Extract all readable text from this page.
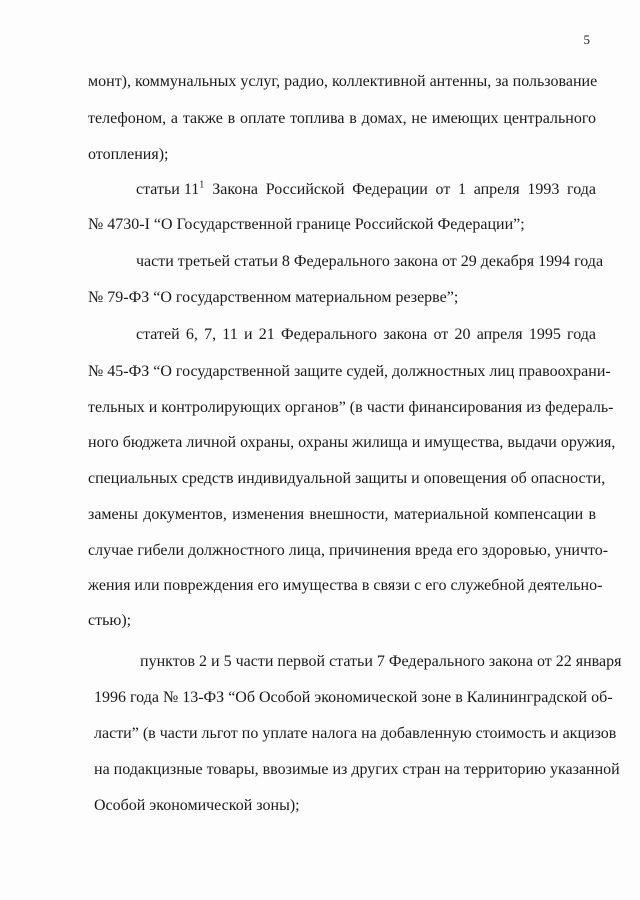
5
монт), коммунальных услуг, радио, коллективной антенны, за пользование
телефоном, а также в оплате топлива в домах, не имеющих центрального
отопления);
статьи $11^1$ Закона Российской Федерации от 1 апреля 1993 года
№ 4730-I “О Государственной границе Российской Федерации”;
части третьей статьи 8 Федерального закона от 29 декабря 1994 года
№ 79-ФЗ “О государственном материальном резерве”;
статей 6, 7, 11 и 21 Федерального закона от 20 апреля 1995 года
№ 45-ФЗ “О государственной защите судей, должностных лиц правоохрани-
тельных и контролирующих органов” (в части финансирования из федераль-
ного бюджета личной охраны, охраны жилища и имущества, выдачи оружия,
специальных средств индивидуальной защиты и оповещения об опасности,
замены документов, изменения внешности, материальной компенсации в
случае гибели должностного лица, причинения вреда его здоровью, уничто-
жения или повреждения его имущества в связи с его служебной деятельно-
стью);
пунктов 2 и 5 части первой статьи 7 Федерального закона от 22 января
1996 года № 13-ФЗ “Об Особой экономической зоне в Калининградской об-
ласти” (в части льгот по уплате налога на добавленную стоимость и акцизов
на подакцизные товары, ввозимые из других стран на территорию указанной
Особой экономической зоны);
